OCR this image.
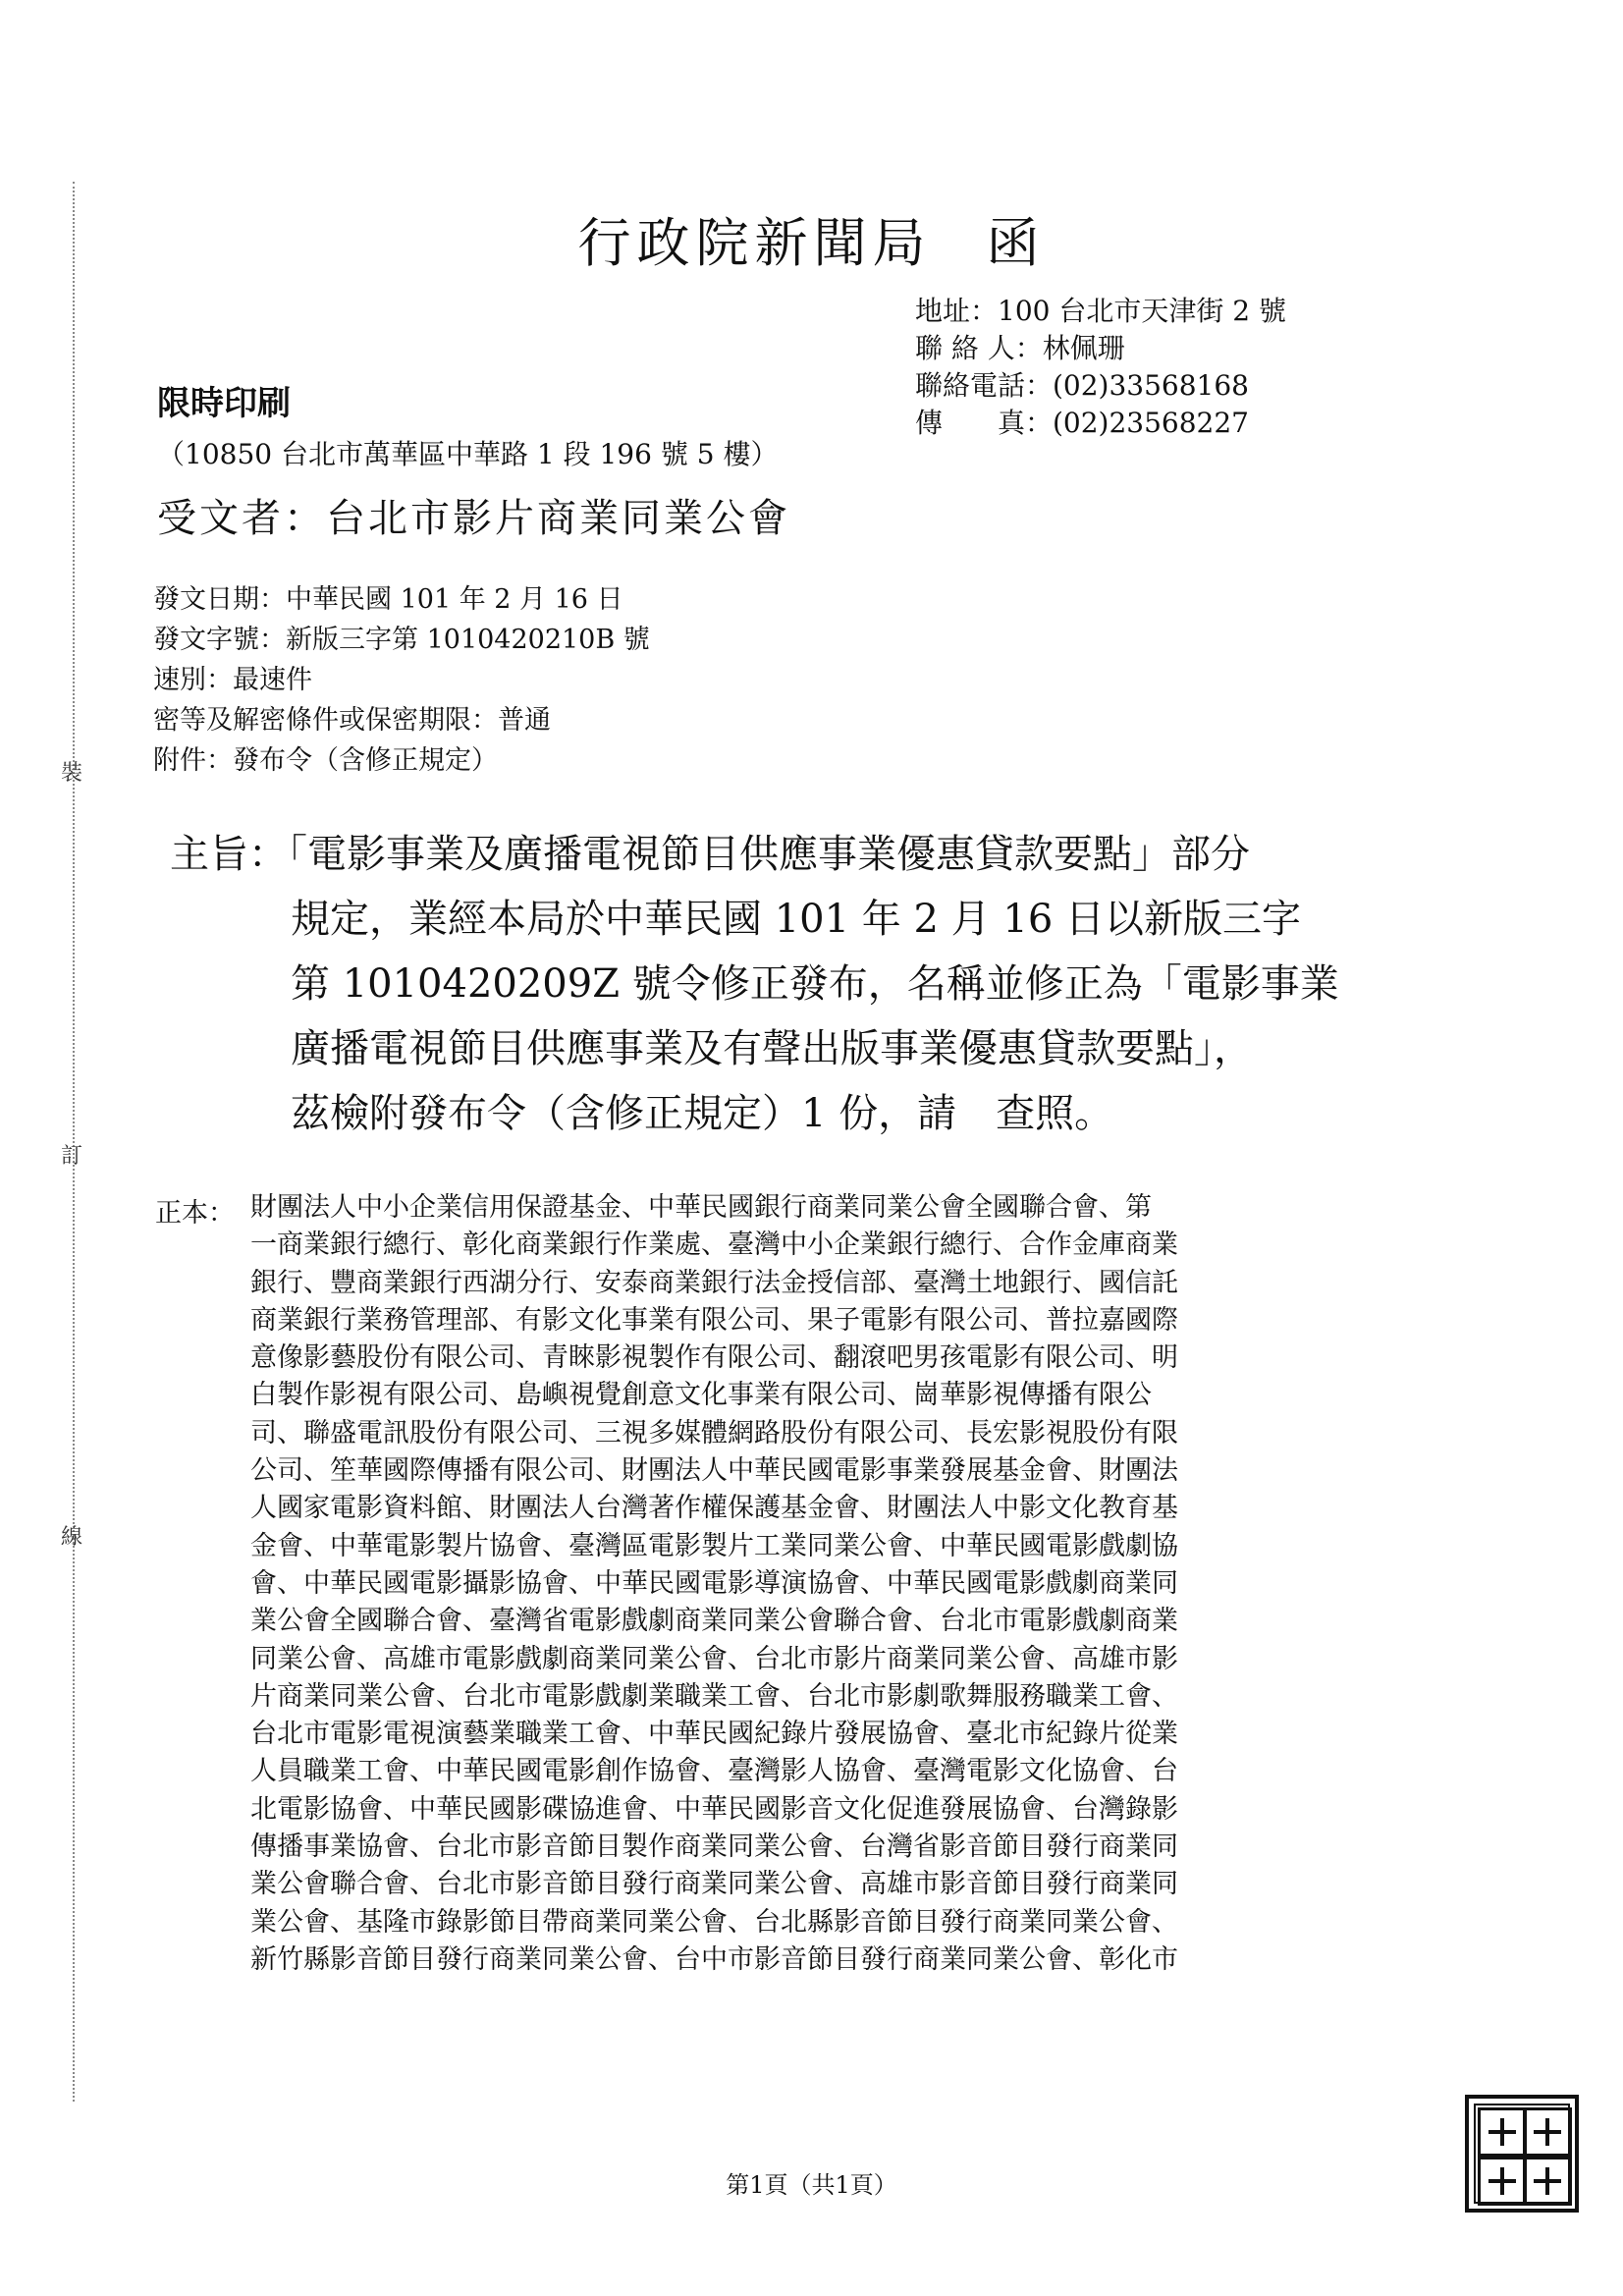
裝
訂
線
行政院新聞局 函
地址：100 台北市天津街 2 號
聯 絡 人：林佩珊
聯絡電話：(02)33568168
傳　　真：(02)23568227
限時印刷
（10850 台北市萬華區中華路 1 段 196 號 5 樓）
受文者：台北市影片商業同業公會
發文日期：中華民國 101 年 2 月 16 日
發文字號：新版三字第 1010420210B 號
速別：最速件
密等及解密條件或保密期限：普通
附件：發布令（含修正規定）
主旨：「電影事業及廣播電視節目供應事業優惠貸款要點」部分
規定，業經本局於中華民國 101 年 2 月 16 日以新版三字
第 1010420209Z 號令修正發布，名稱並修正為「電影事業
廣播電視節目供應事業及有聲出版事業優惠貸款要點」，
茲檢附發布令（含修正規定）1 份，請　查照。
正本： 財團法人中小企業信用保證基金、中華民國銀行商業同業公會全國聯合會、第
一商業銀行總行、彰化商業銀行作業處、臺灣中小企業銀行總行、合作金庫商業
銀行、豐商業銀行西湖分行、安泰商業銀行法金授信部、臺灣土地銀行、國信託
商業銀行業務管理部、有影文化事業有限公司、果子電影有限公司、普拉嘉國際
意像影藝股份有限公司、青睞影視製作有限公司、翻滾吧男孩電影有限公司、明
白製作影視有限公司、島嶼視覺創意文化事業有限公司、崗華影視傳播有限公
司、聯盛電訊股份有限公司、三視多媒體網路股份有限公司、長宏影視股份有限
公司、笙華國際傳播有限公司、財團法人中華民國電影事業發展基金會、財團法
人國家電影資料館、財團法人台灣著作權保護基金會、財團法人中影文化教育基
金會、中華電影製片協會、臺灣區電影製片工業同業公會、中華民國電影戲劇協
會、中華民國電影攝影協會、中華民國電影導演協會、中華民國電影戲劇商業同
業公會全國聯合會、臺灣省電影戲劇商業同業公會聯合會、台北市電影戲劇商業
同業公會、高雄市電影戲劇商業同業公會、台北市影片商業同業公會、高雄市影
片商業同業公會、台北市電影戲劇業職業工會、台北市影劇歌舞服務職業工會、
台北市電影電視演藝業職業工會、中華民國紀錄片發展協會、臺北市紀錄片從業
人員職業工會、中華民國電影創作協會、臺灣影人協會、臺灣電影文化協會、台
北電影協會、中華民國影碟協進會、中華民國影音文化促進發展協會、台灣錄影
傳播事業協會、台北市影音節目製作商業同業公會、台灣省影音節目發行商業同
業公會聯合會、台北市影音節目發行商業同業公會、高雄市影音節目發行商業同
業公會、基隆市錄影節目帶商業同業公會、台北縣影音節目發行商業同業公會、
新竹縣影音節目發行商業同業公會、台中市影音節目發行商業同業公會、彰化市
第1頁（共1頁）
